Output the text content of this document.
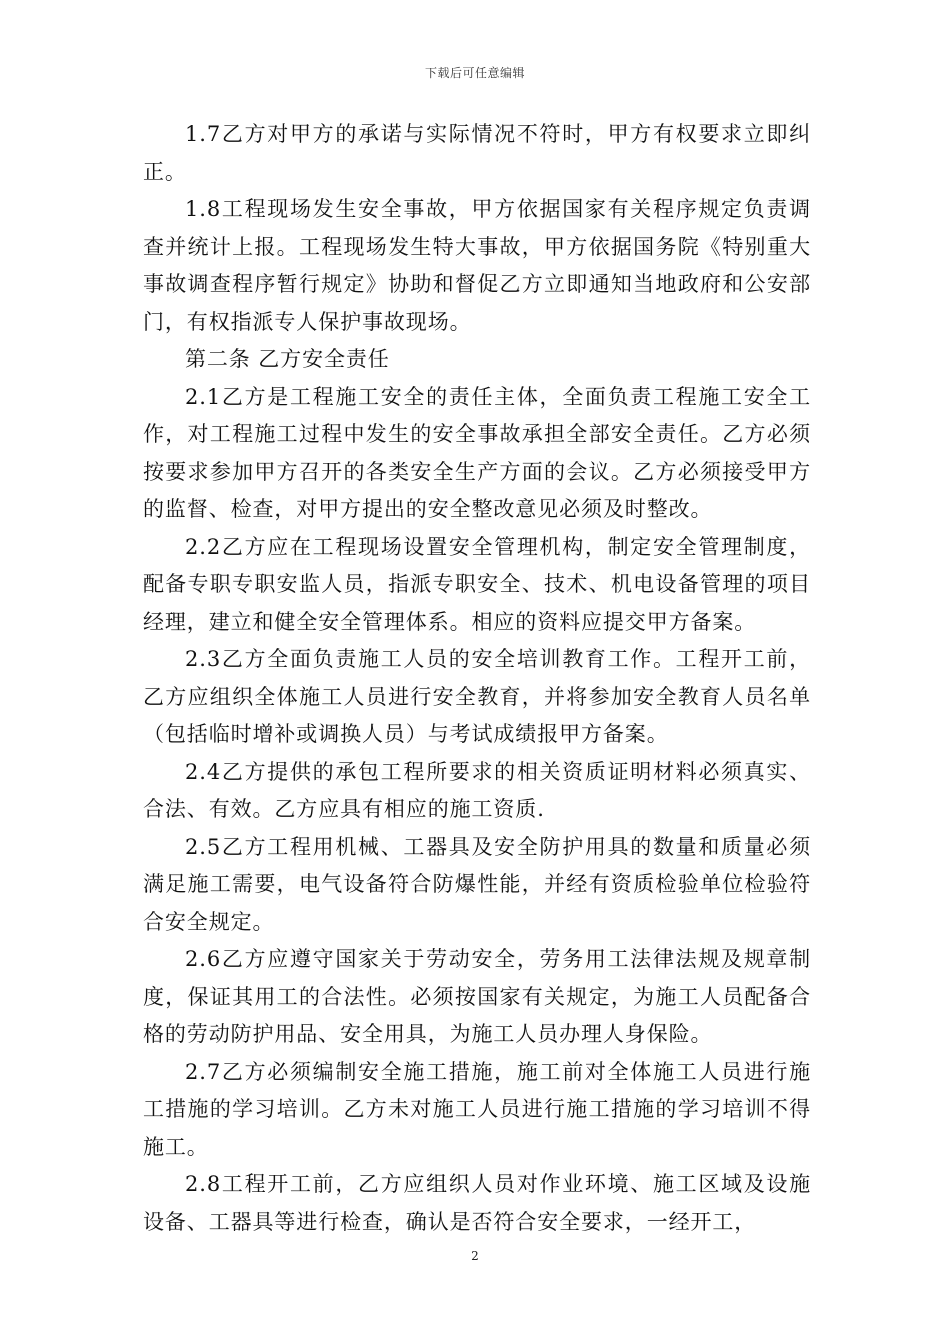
下载后可任意编辑

1.7乙方对甲方的承诺与实际情况不符时，甲方有权要求立即纠正。

1.8工程现场发生安全事故，甲方依据国家有关程序规定负责调查并统计上报。工程现场发生特大事故，甲方依据国务院《特别重大事故调查程序暂行规定》协助和督促乙方立即通知当地政府和公安部门，有权指派专人保护事故现场。

第二条 乙方安全责任

2.1乙方是工程施工安全的责任主体，全面负责工程施工安全工作，对工程施工过程中发生的安全事故承担全部安全责任。乙方必须按要求参加甲方召开的各类安全生产方面的会议。乙方必须接受甲方的监督、检查，对甲方提出的安全整改意见必须及时整改。

2.2乙方应在工程现场设置安全管理机构，制定安全管理制度，配备专职专职安监人员，指派专职安全、技术、机电设备管理的项目经理，建立和健全安全管理体系。相应的资料应提交甲方备案。

2.3乙方全面负责施工人员的安全培训教育工作。工程开工前，乙方应组织全体施工人员进行安全教育，并将参加安全教育人员名单（包括临时增补或调换人员）与考试成绩报甲方备案。

2.4乙方提供的承包工程所要求的相关资质证明材料必须真实、合法、有效。乙方应具有相应的施工资质.

2.5乙方工程用机械、工器具及安全防护用具的数量和质量必须满足施工需要，电气设备符合防爆性能，并经有资质检验单位检验符合安全规定。

2.6乙方应遵守国家关于劳动安全，劳务用工法律法规及规章制度，保证其用工的合法性。必须按国家有关规定，为施工人员配备合格的劳动防护用品、安全用具，为施工人员办理人身保险。

2.7乙方必须编制安全施工措施，施工前对全体施工人员进行施工措施的学习培训。乙方未对施工人员进行施工措施的学习培训不得施工。

2.8工程开工前，乙方应组织人员对作业环境、施工区域及设施设备、工器具等进行检查，确认是否符合安全要求，一经开工，

2
